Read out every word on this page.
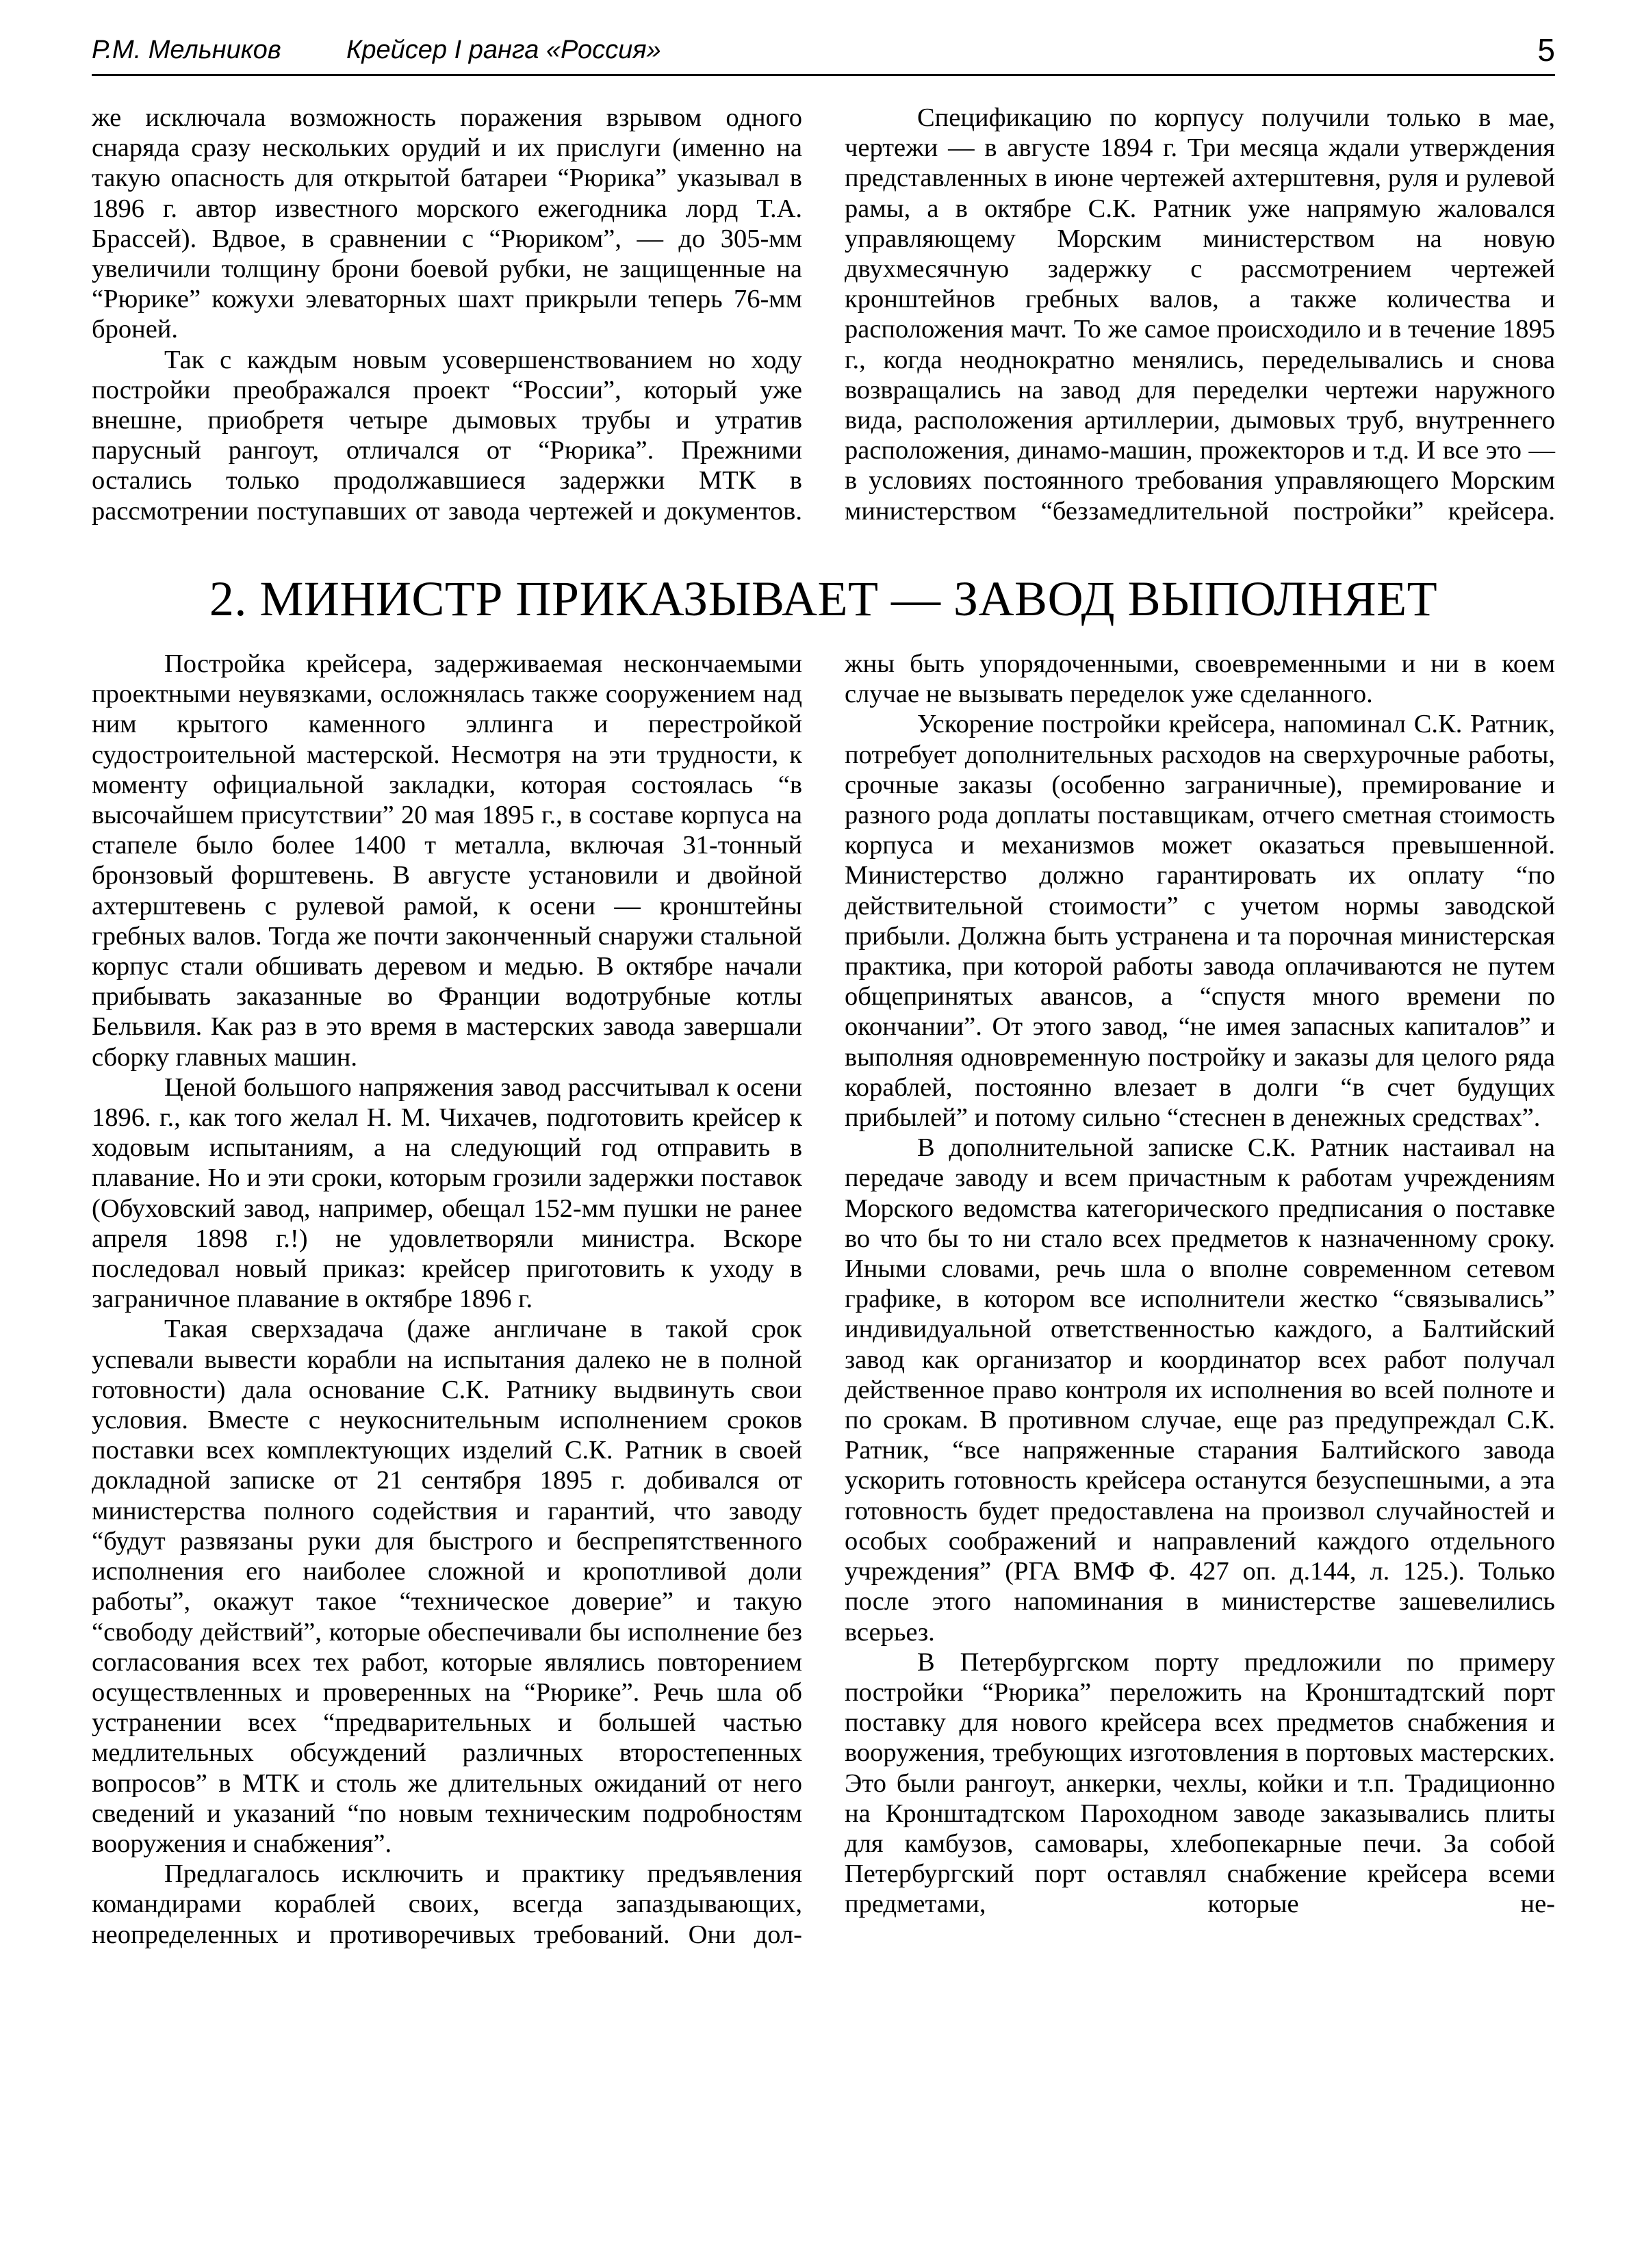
Р.М. Мельников	Крейсер I ранга «Россия»	5

же исключала возможность поражения взрывом одного снаряда сразу нескольких орудий и их прислуги (именно на такую опасность для открытой батареи “Рюрика” указывал в 1896 г. автор известного морского ежегодника лорд Т.А. Брассей). Вдвое, в сравнении с “Рюриком”, — до 305-мм увеличили толщину брони боевой рубки, не защищенные на “Рюрике” кожухи элеваторных шахт прикрыли теперь 76-мм броней.

Так с каждым новым усовершенствованием но ходу постройки преображался проект “России”, который уже внешне, приобретя четыре дымовых трубы и утратив парусный рангоут, отличался от “Рюрика”. Прежними остались только продолжавшиеся задержки МТК в рассмотрении поступавших от завода чертежей и документов.

Спецификацию по корпусу получили только в мае, чертежи — в августе 1894 г. Три месяца ждали утверждения представленных в июне чертежей ахтерштевня, руля и рулевой рамы, а в октябре С.К. Ратник уже напрямую жаловался управляющему Морским министерством на новую двухмесячную задержку с рассмотрением чертежей кронштейнов гребных валов, а также количества и расположения мачт. То же самое происходило и в течение 1895 г., когда неоднократно менялись, переделывались и снова возвращались на завод для переделки чертежи наружного вида, расположения артиллерии, дымовых труб, внутреннего расположения, динамо-машин, прожекторов и т.д. И все это — в условиях постоянного требования управляющего Морским министерством “беззамедлительной постройки” крейсера.

2. МИНИСТР ПРИКАЗЫВАЕТ — ЗАВОД ВЫПОЛНЯЕТ

Постройка крейсера, задерживаемая нескончаемыми проектными неувязками, осложнялась также сооружением над ним крытого каменного эллинга и перестройкой судостроительной мастерской. Несмотря на эти трудности, к моменту официальной закладки, которая состоялась “в высочайшем присутствии” 20 мая 1895 г., в составе корпуса на стапеле было более 1400 т металла, включая 31-тонный бронзовый форштевень. В августе установили и двойной ахтерштевень с рулевой рамой, к осени — кронштейны гребных валов. Тогда же почти законченный снаружи стальной корпус стали обшивать деревом и медью. В октябре начали прибывать заказанные во Франции водотрубные котлы Бельвиля. Как раз в это время в мастерских завода завершали сборку главных машин.

Ценой большого напряжения завод рассчитывал к осени 1896. г., как того желал Н. М. Чихачев, подготовить крейсер к ходовым испытаниям, а на следующий год отправить в плавание. Но и эти сроки, которым грозили задержки поставок (Обуховский завод, например, обещал 152-мм пушки не ранее апреля 1898 г.!) не удовлетворяли министра. Вскоре последовал новый приказ: крейсер приготовить к уходу в заграничное плавание в октябре 1896 г.

Такая сверхзадача (даже англичане в такой срок успевали вывести корабли на испытания далеко не в полной готовности) дала основание С.К. Ратнику выдвинуть свои условия. Вместе с неукоснительным исполнением сроков поставки всех комплектующих изделий С.К. Ратник в своей докладной записке от 21 сентября 1895 г. добивался от министерства полного содействия и гарантий, что заводу “будут развязаны руки для быстрого и беспрепятственного исполнения его наиболее сложной и кропотливой доли работы”, окажут такое “техническое доверие” и такую “свободу действий”, которые обеспечивали бы исполнение без согласования всех тех работ, которые являлись повторением осуществленных и проверенных на “Рюрике”. Речь шла об устранении всех “предварительных и большей частью медлительных обсуждений различных второстепенных вопросов” в МТК и столь же длительных ожиданий от него сведений и указаний “по новым техническим подробностям вооружения и снабжения”.

Предлагалось исключить и практику предъявления командирами кораблей своих, всегда запаздывающих, неопределенных и противоречивых требований. Они дол-

жны быть упорядоченными, своевременными и ни в коем случае не вызывать переделок уже сделанного.

Ускорение постройки крейсера, напоминал С.К. Ратник, потребует дополнительных расходов на сверхурочные работы, срочные заказы (особенно заграничные), премирование и разного рода доплаты поставщикам, отчего сметная стоимость корпуса и механизмов может оказаться превышенной. Министерство должно гарантировать их оплату “по действительной стоимости” с учетом нормы заводской прибыли. Должна быть устранена и та порочная министерская практика, при которой работы завода оплачиваются не путем общепринятых авансов, а “спустя много времени по окончании”. От этого завод, “не имея запасных капиталов” и выполняя одновременную постройку и заказы для целого ряда кораблей, постоянно влезает в долги “в счет будущих прибылей” и потому сильно “стеснен в денежных средствах”.

В дополнительной записке С.К. Ратник настаивал на передаче заводу и всем причастным к работам учреждениям Морского ведомства категорического предписания о поставке во что бы то ни стало всех предметов к назначенному сроку. Иными словами, речь шла о вполне современном сетевом графике, в котором все исполнители жестко “связывались” индивидуальной ответственностью каждого, а Балтийский завод как организатор и координатор всех работ получал действенное право контроля их исполнения во всей полноте и по срокам. В противном случае, еще раз предупреждал С.К. Ратник, “все напряженные старания Балтийского завода ускорить готовность крейсера останутся безуспешными, а эта готовность будет предоставлена на произвол случайностей и особых соображений и направлений каждого отдельного учреждения” (РГА ВМФ Ф. 427 оп. д.144, л. 125.). Только после этого напоминания в министерстве зашевелились всерьез.

В Петербургском порту предложили по примеру постройки “Рюрика” переложить на Кронштадтский порт поставку для нового крейсера всех предметов снабжения и вооружения, требующих изготовления в портовых мастерских. Это были рангоут, анкерки, чехлы, койки и т.п. Традиционно на Кронштадтском Пароходном заводе заказывались плиты для камбузов, самовары, хлебопекарные печи. За собой Петербургский порт оставлял снабжение крейсера всеми предметами, которые не-
